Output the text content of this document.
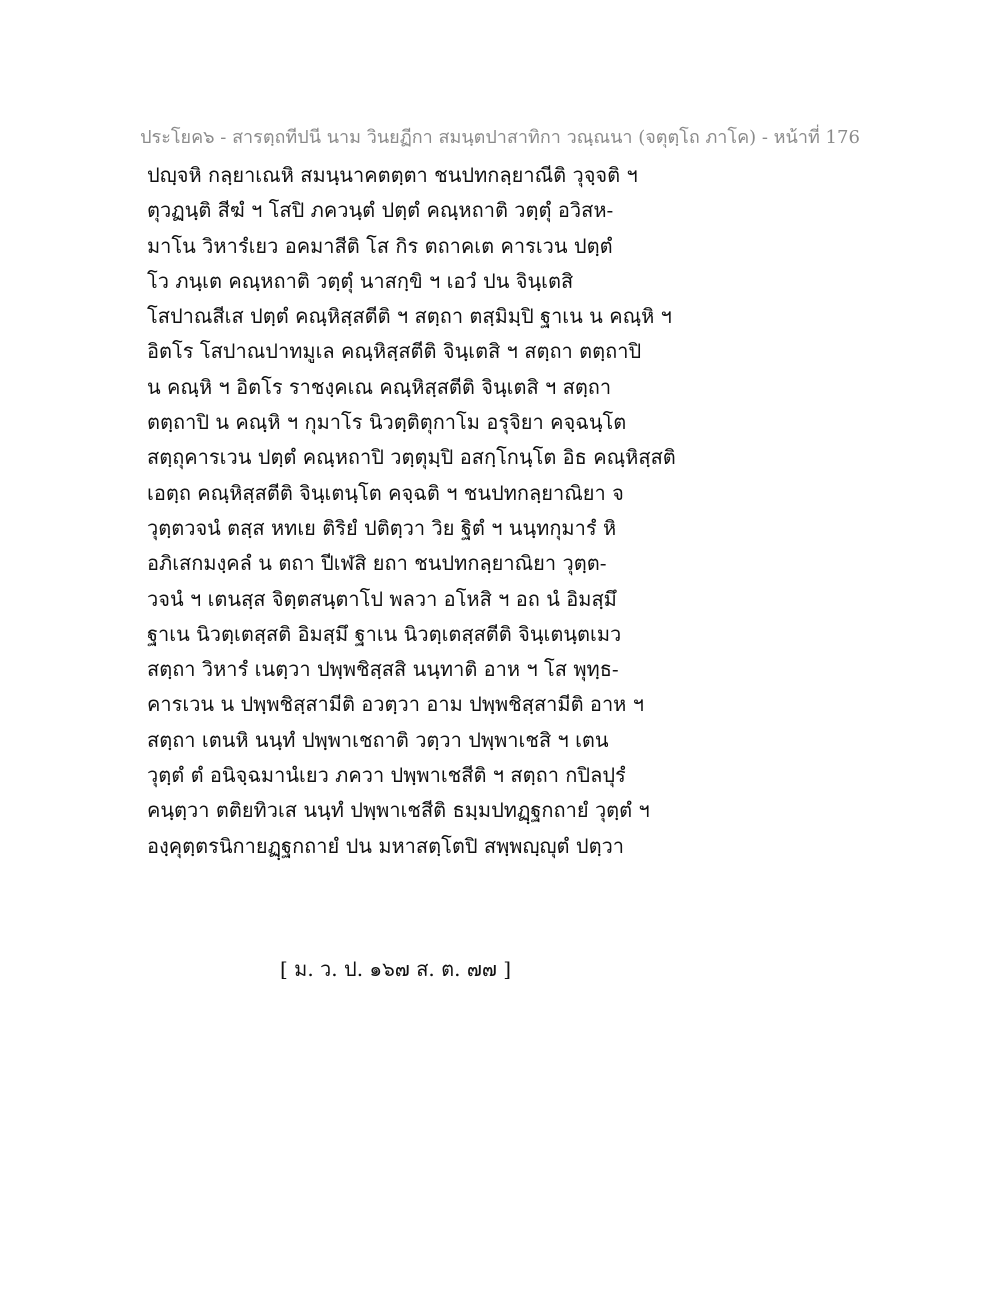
ประโยค๖ - สารตฺถทีปนี นาม วินยฏีกา สมนฺตปาสาทิกา วณฺณนา (จตุตฺโถ ภาโค) - หน้าที่ 176
ปญฺจหิ กลฺยาเณหิ สมนฺนาคตตฺตา ชนปทกลฺยาณีติ วุจฺจติ ฯ
ตุวฏนฺติ สีฆํ ฯ โสปิ ภควนฺตํ ปตฺตํ คณฺหถาติ วตฺตุํ อวิสห-
มาโน วิหารํเยว อคมาสีติ โส กิร ตถาคเต คารเวน ปตฺตํ
โว ภนฺเต คณฺหถาติ วตฺตุํ นาสกฺขิ ฯ เอวํ ปน จินฺเตสิ
โสปาณสีเส ปตฺตํ คณฺหิสฺสตีติ ฯ สตฺถา ตสฺมิมฺปิ ฐาเน น คณฺหิ ฯ
อิตโร โสปาณปาทมูเล คณฺหิสฺสตีติ จินฺเตสิ ฯ สตฺถา ตตฺถาปิ
น คณฺหิ ฯ อิตโร ราชงฺคเณ คณฺหิสฺสตีติ จินฺเตสิ ฯ สตฺถา
ตตฺถาปิ น คณฺหิ ฯ กุมาโร นิวตฺติตุกาโม อรุจิยา คจฺฉนฺโต
สตฺถุคารเวน ปตฺตํ คณฺหถาปิ วตฺตุมฺปิ อสกฺโกนฺโต อิธ คณฺหิสฺสติ
เอตฺถ คณฺหิสฺสตีติ จินฺเตนฺโต คจฺฉติ ฯ ชนปทกลฺยาณิยา จ
วุตฺตวจนํ ตสฺส หทเย ติริยํ ปติตฺวา วิย ฐิตํ ฯ นนฺทกุมารํ หิ
อภิเสกมงฺคลํ น ตถา ปีเฬสิ ยถา ชนปทกลฺยาณิยา วุตฺต-
วจนํ ฯ เตนสฺส จิตฺตสนฺตาโป พลวา อโหสิ ฯ อถ นํ อิมสฺมึ
ฐาเน นิวตฺเตสฺสติ อิมสฺมึ ฐาเน นิวตฺเตสฺสตีติ จินฺเตนฺตเมว
สตฺถา วิหารํ เนตฺวา ปพฺพชิสฺสสิ นนฺทาติ อาห ฯ โส พุทฺธ-
คารเวน น ปพฺพชิสฺสามีติ อวตฺวา อาม ปพฺพชิสฺสามีติ อาห ฯ
สตฺถา เตนหิ นนฺทํ ปพฺพาเชถาติ วตฺวา ปพฺพาเชสิ ฯ เตน
วุตฺตํ ตํ อนิจฺฉมานํเยว ภควา ปพฺพาเชสีติ ฯ สตฺถา กปิลปุรํ
คนฺตฺวา ตติยทิวเส นนฺทํ ปพฺพาเชสีติ ธมฺมปทฏฺฐกถายํ วุตฺตํ ฯ
องฺคุตฺตรนิกายฏฺฐกถายํ ปน มหาสตฺโตปิ สพฺพญฺญุตํ ปตฺวา
[ ม. ว. ป. ๑๖๗ ส. ต. ๗๗ ]
